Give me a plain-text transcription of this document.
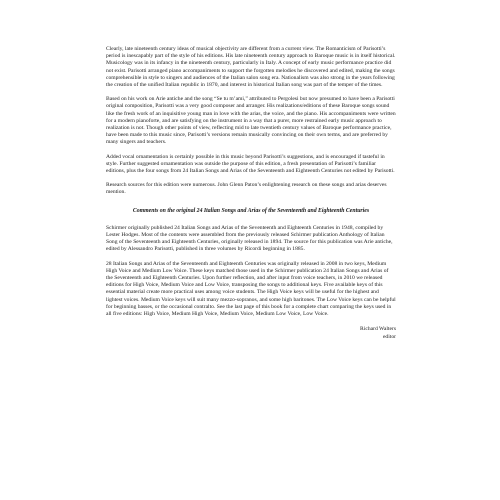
Clearly, late nineteenth century ideas of musical objectivity are different from a current view. The Romanticism of Parisotti’s period is inescapably part of the style of his editions. His late nineteenth century approach to Baroque music is in itself historical. Musicology was in its infancy in the nineteenth century, particularly in Italy. A concept of early music performance practice did not exist. Parisotti arranged piano accompaniments to support the forgotten melodies he discovered and edited, making the songs comprehensible in style to singers and audiences of the Italian salon song era. Nationalism was also strong in the years following the creation of the unified Italian republic in 1870, and interest in historical Italian song was part of the temper of the times.

Based on his work on Arie antiche and the song “Se tu m’ami,” attributed to Pergolesi but now presumed to have been a Parisotti original composition, Parisotti was a very good composer and arranger. His realizations/editions of these Baroque songs sound like the fresh work of an inquisitive young man in love with the arias, the voice, and the piano. His accompaniments were written for a modern pianoforte, and are satisfying on the instrument in a way that a purer, more restrained early music approach to realization is not. Though other points of view, reflecting mid to late twentieth century values of Baroque performance practice, have been made to this music since, Parisotti’s versions remain musically convincing on their own terms, and are preferred by many singers and teachers.

Added vocal ornamentation is certainly possible in this music beyond Parisotti’s suggestions, and is encouraged if tasteful in style. Further suggested ornamentation was outside the purpose of this edition, a fresh presentation of Parisotti’s familiar editions, plus the four songs from 24 Italian Songs and Arias of the Seventeenth and Eighteenth Centuries not edited by Parisotti.

Research sources for this edition were numerous. John Glenn Paton’s enlightening research on these songs and arias deserves mention.

Comments on the original 24 Italian Songs and Arias of the Seventeenth and Eighteenth Centuries

Schirmer originally published 24 Italian Songs and Arias of the Seventeenth and Eighteenth Centuries in 1948, compiled by Lester Hodges. Most of the contents were assembled from the previously released Schirmer publication Anthology of Italian Song of the Seventeenth and Eighteenth Centuries, originally released in 1894. The source for this publication was Arie antiche, edited by Alessandro Parisotti, published in three volumes by Ricordi beginning in 1885.

28 Italian Songs and Arias of the Seventeenth and Eighteenth Centuries was originally released in 2008 in two keys, Medium High Voice and Medium Low Voice. These keys matched those used in the Schirmer publication 24 Italian Songs and Arias of the Seventeenth and Eighteenth Centuries. Upon further reflection, and after input from voice teachers, in 2010 we released editions for High Voice, Medium Voice and Low Voice, transposing the songs to additional keys. Five available keys of this essential material create more practical uses among voice students. The High Voice keys will be useful for the highest and lightest voices. Medium Voice keys will suit many mezzo-sopranos, and some high baritones. The Low Voice keys can be helpful for beginning basses, or the occasional contralto. See the last page of this book for a complete chart comparing the keys used in all five editions: High Voice, Medium High Voice, Medium Voice, Medium Low Voice, Low Voice.

Richard Walters
editor
